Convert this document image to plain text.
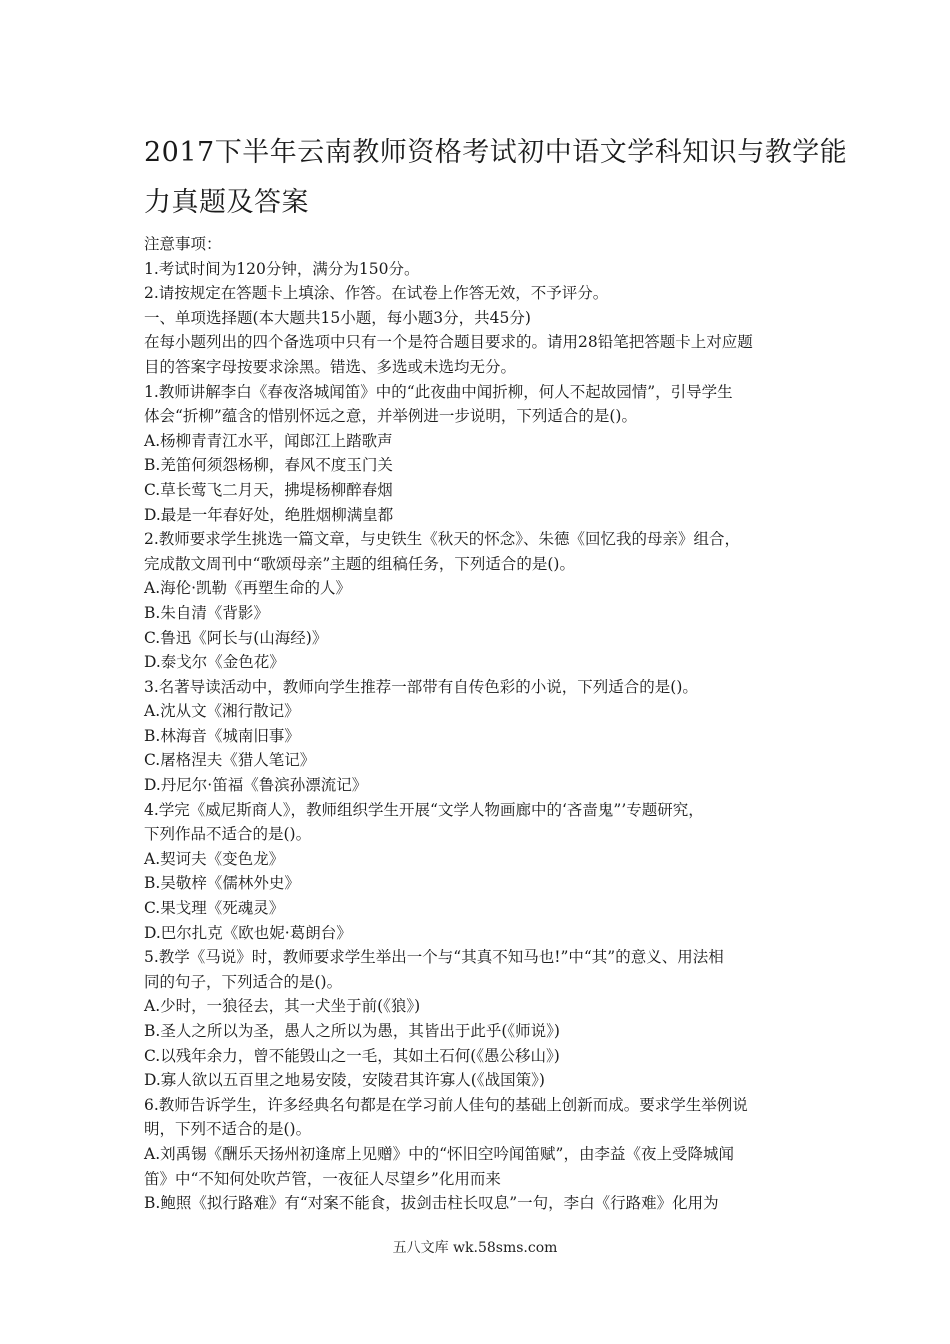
2017下半年云南教师资格考试初中语文学科知识与教学能
力真题及答案
注意事项：
1.考试时间为120分钟，满分为150分。
2.请按规定在答题卡上填涂、作答。在试卷上作答无效，不予评分。
一、单项选择题(本大题共15小题，每小题3分，共45分)
在每小题列出的四个备选项中只有一个是符合题目要求的。请用28铅笔把答题卡上对应题
目的答案字母按要求涂黑。错选、多选或未选均无分。
1.教师讲解李白《春夜洛城闻笛》中的“此夜曲中闻折柳，何人不起故园情”，引导学生
体会“折柳”蕴含的惜别怀远之意，并举例进一步说明，下列适合的是()。
A.杨柳青青江水平，闻郎江上踏歌声
B.羌笛何须怨杨柳，春风不度玉门关
C.草长莺飞二月天，拂堤杨柳醉春烟
D.最是一年春好处，绝胜烟柳满皇都
2.教师要求学生挑选一篇文章，与史铁生《秋天的怀念》、朱德《回忆我的母亲》组合，
完成散文周刊中“歌颂母亲”主题的组稿任务，下列适合的是()。
A.海伦·凯勒《再塑生命的人》
B.朱自清《背影》
C.鲁迅《阿长与(山海经)》
D.泰戈尔《金色花》
3.名著导读活动中，教师向学生推荐一部带有自传色彩的小说，下列适合的是()。
A.沈从文《湘行散记》
B.林海音《城南旧事》
C.屠格涅夫《猎人笔记》
D.丹尼尔·笛福《鲁滨孙漂流记》
4.学完《威尼斯商人》，教师组织学生开展“文学人物画廊中的‘吝啬鬼”’专题研究，
下列作品不适合的是()。
A.契诃夫《变色龙》
B.吴敬梓《儒林外史》
C.果戈理《死魂灵》
D.巴尔扎克《欧也妮·葛朗台》
5.教学《马说》时，教师要求学生举出一个与“其真不知马也!”中“其”的意义、用法相
同的句子，下列适合的是()。
A.少时，一狼径去，其一犬坐于前(《狼》)
B.圣人之所以为圣，愚人之所以为愚，其皆出于此乎(《师说》)
C.以残年余力，曾不能毁山之一毛，其如土石何(《愚公移山》)
D.寡人欲以五百里之地易安陵，安陵君其许寡人(《战国策》)
6.教师告诉学生，许多经典名句都是在学习前人佳句的基础上创新而成。要求学生举例说
明，下列不适合的是()。
A.刘禹锡《酬乐天扬州初逢席上见赠》中的“怀旧空吟闻笛赋”，由李益《夜上受降城闻
笛》中“不知何处吹芦管，一夜征人尽望乡”化用而来
B.鲍照《拟行路难》有“对案不能食，拔剑击柱长叹息”一句，李白《行路难》化用为
五八文库 wk.58sms.com
